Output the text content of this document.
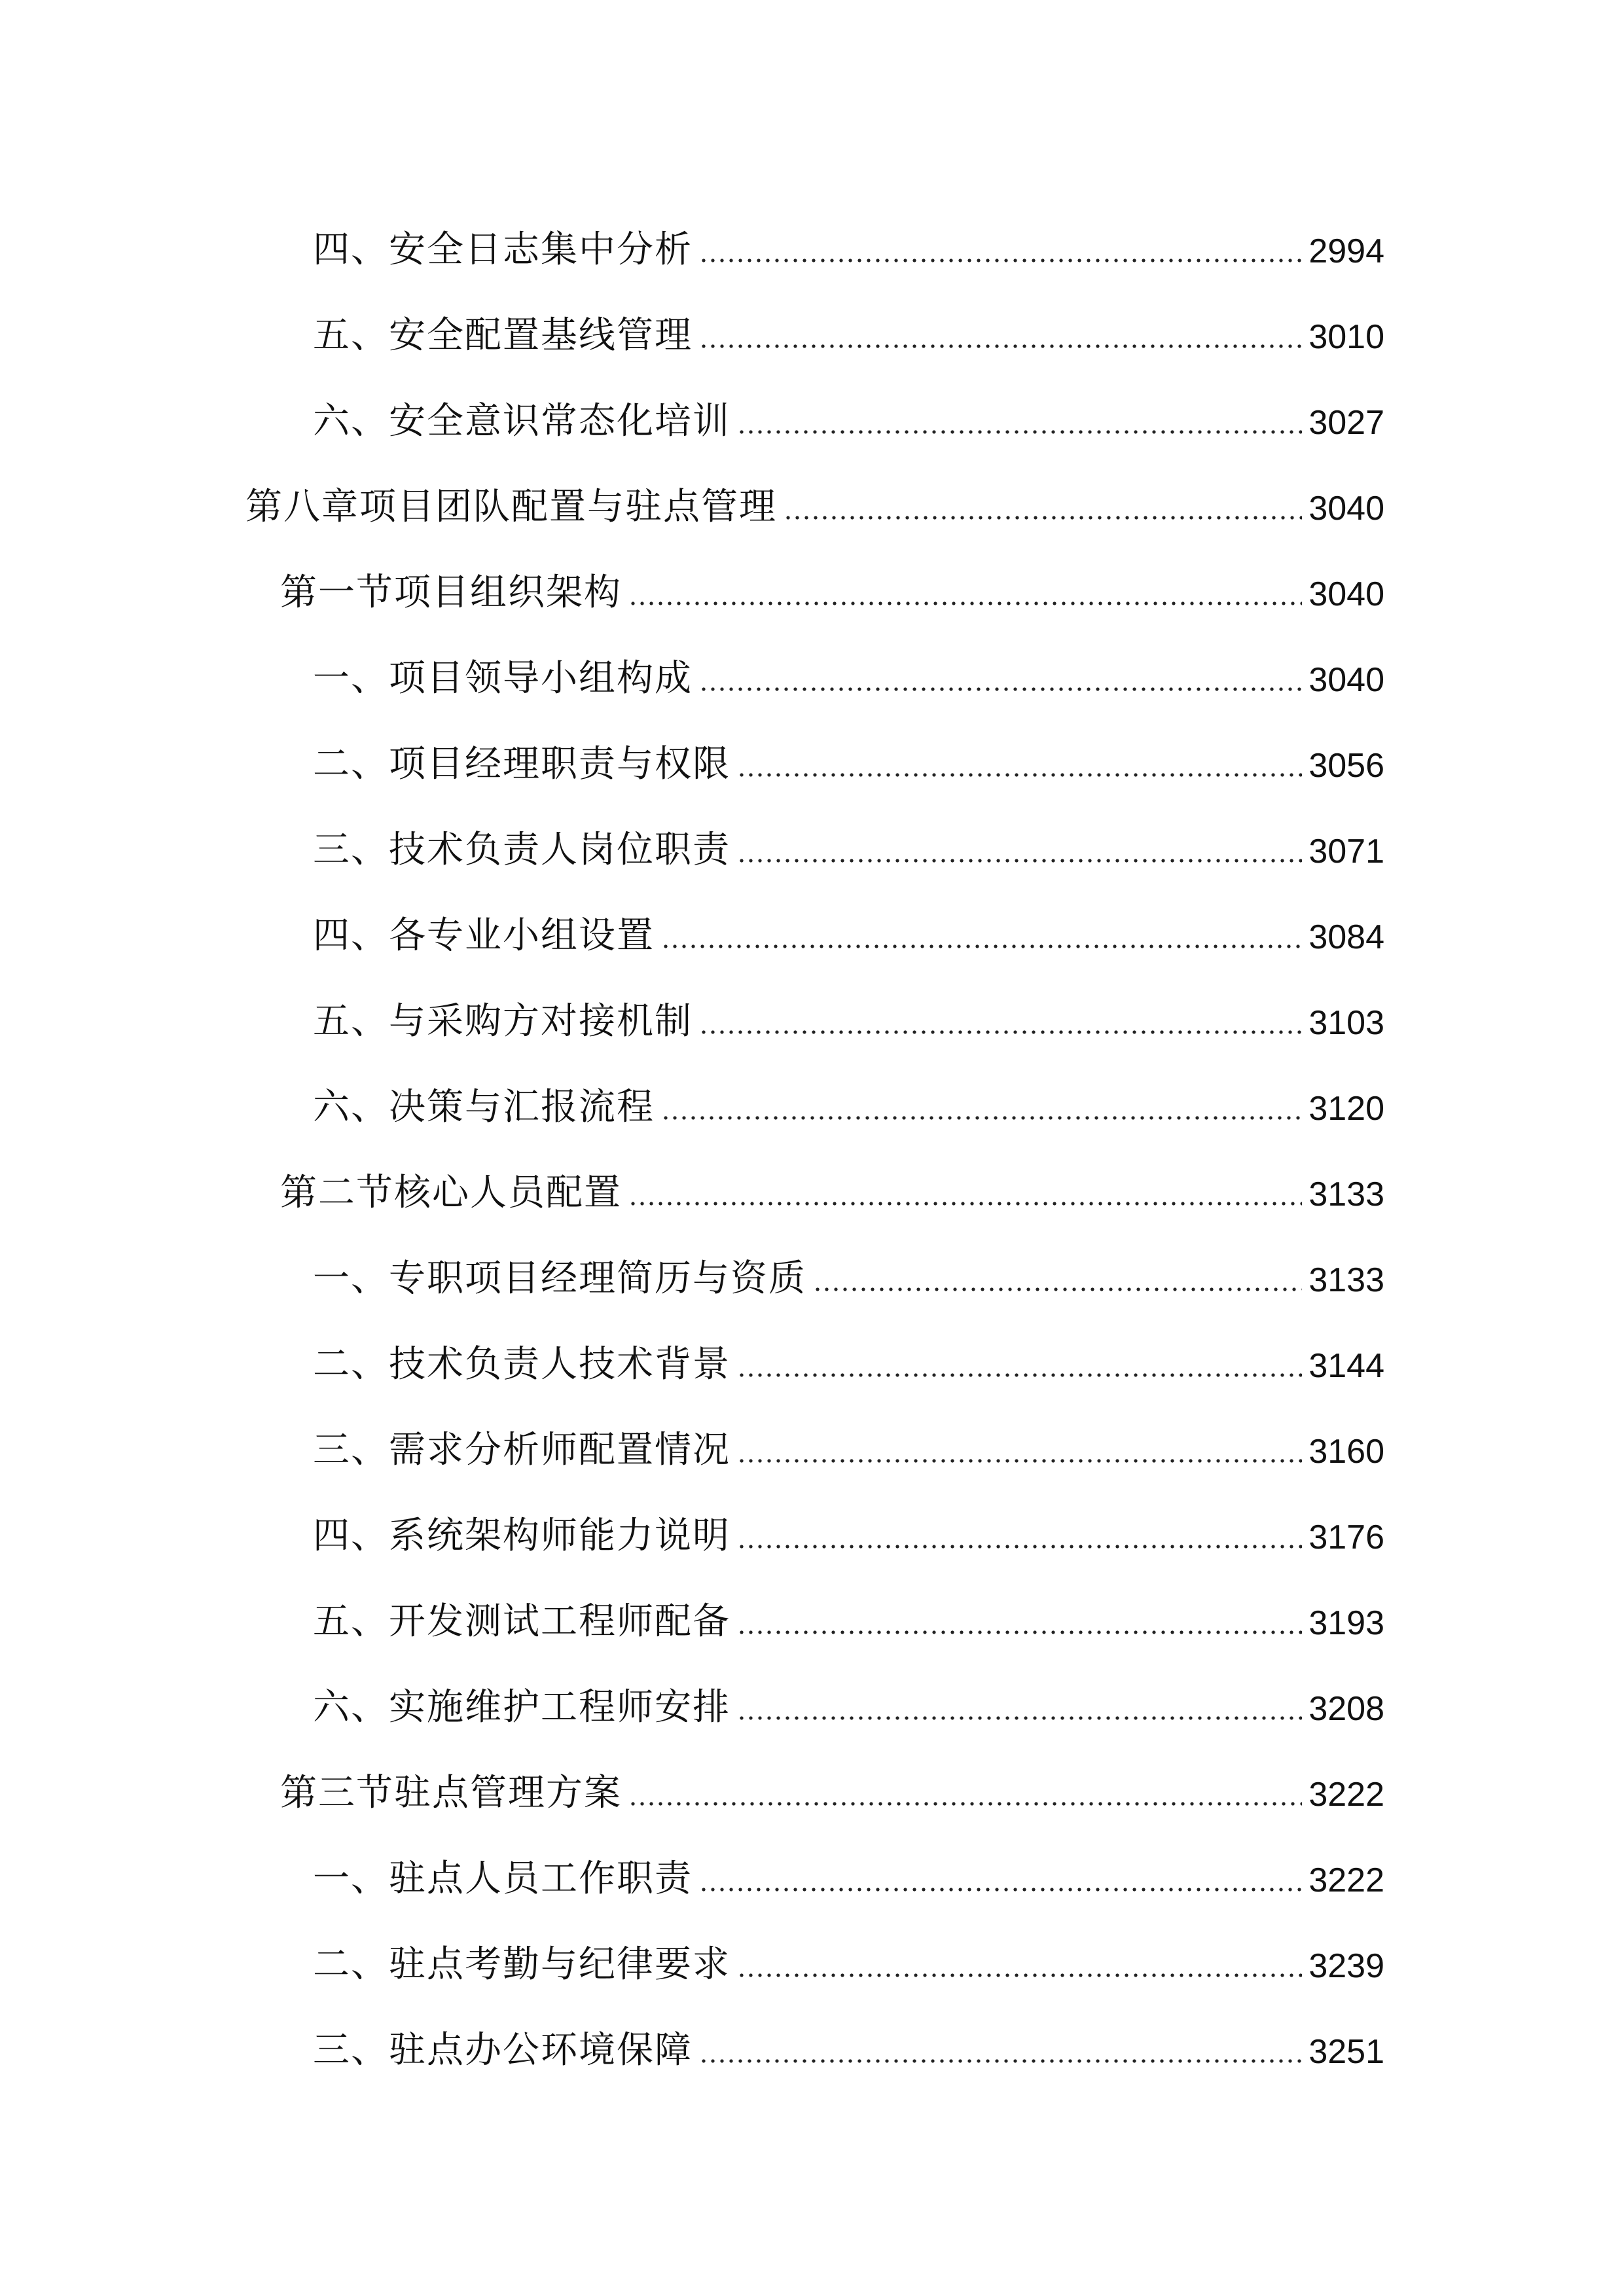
四、安全日志集中分析	2994
五、安全配置基线管理	3010
六、安全意识常态化培训	3027
第八章项目团队配置与驻点管理	3040
第一节项目组织架构	3040
一、项目领导小组构成	3040
二、项目经理职责与权限	3056
三、技术负责人岗位职责	3071
四、各专业小组设置	3084
五、与采购方对接机制	3103
六、决策与汇报流程	3120
第二节核心人员配置	3133
一、专职项目经理简历与资质	3133
二、技术负责人技术背景	3144
三、需求分析师配置情况	3160
四、系统架构师能力说明	3176
五、开发测试工程师配备	3193
六、实施维护工程师安排	3208
第三节驻点管理方案	3222
一、驻点人员工作职责	3222
二、驻点考勤与纪律要求	3239
三、驻点办公环境保障	3251
